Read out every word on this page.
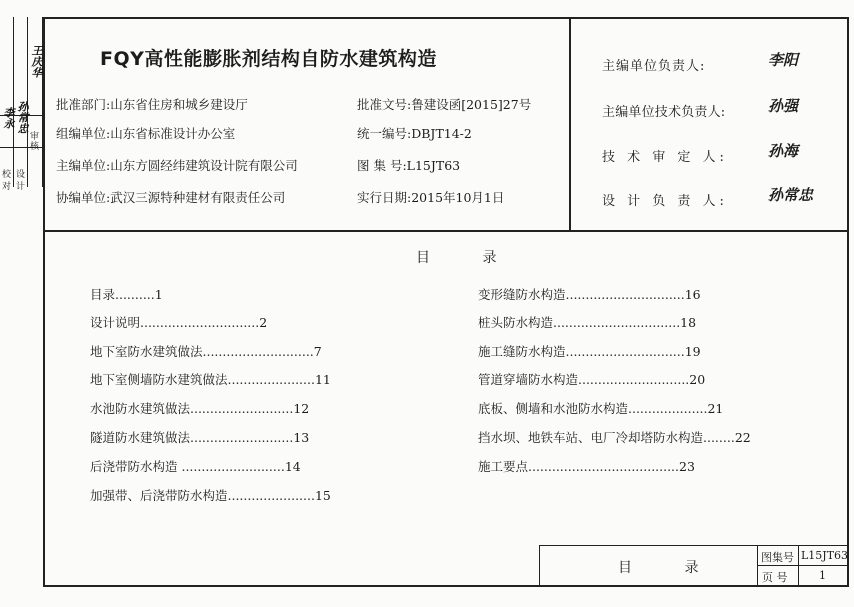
校
对
设
计
审
核
王庆华
孙常忠
李永
FQY高性能膨胀剂结构自防水建筑构造
批准部门:山东省住房和城乡建设厅
组编单位:山东省标准设计办公室
主编单位:山东方圆经纬建筑设计院有限公司
协编单位:武汉三源特种建材有限责任公司
批准文号:鲁建设函[2015]27号
统一编号:DBJT14-2
图 集 号:L15JT63
实行日期:2015年10月1日
主编单位负责人:	李阳
主编单位技术负责人:	孙强
技 术 审 定 人:	孙海
设 计 负 责 人:	孙常忠
目 录
目录..........1
设计说明..............................2
地下室防水建筑做法............................7
地下室侧墙防水建筑做法......................11
水池防水建筑做法..........................12
隧道防水建筑做法..........................13
后浇带防水构造 ..........................14
加强带、后浇带防水构造......................15
变形缝防水构造..............................16
桩头防水构造................................18
施工缝防水构造..............................19
管道穿墙防水构造............................20
底板、侧墙和水池防水构造....................21
挡水坝、地铁车站、电厂冷却塔防水构造........22
施工要点......................................23
目 录
图集号 L15JT63
页 号	1
